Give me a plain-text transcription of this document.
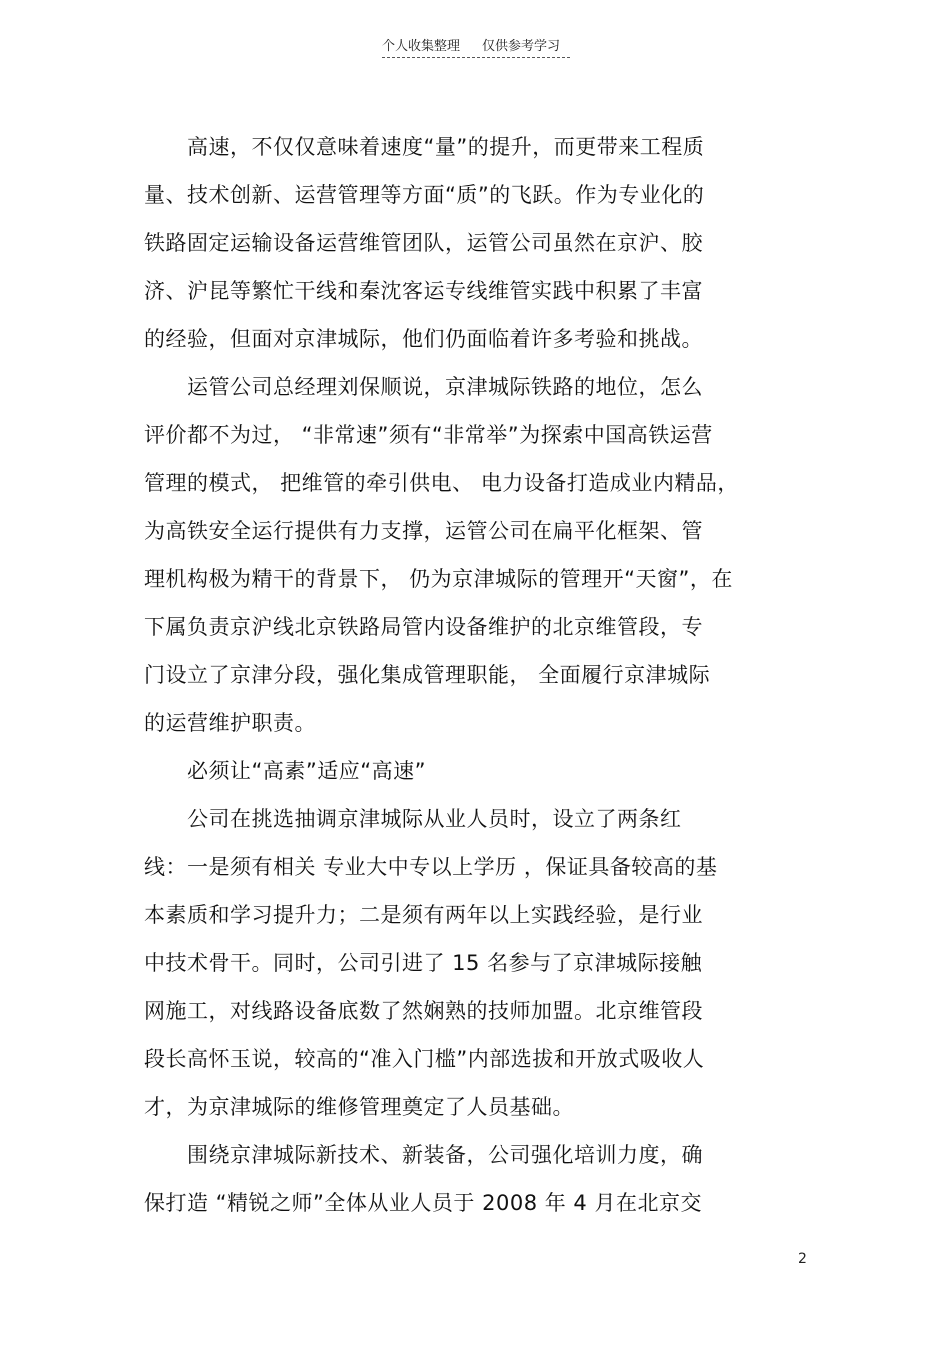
个人收集整理 仅供参考学习
　　高速，不仅仅意味着速度“量”的提升，而更带来工程质
量、技术创新、运营管理等方面“质”的飞跃。作为专业化的
铁路固定运输设备运营维管团队，运管公司虽然在京沪、胶
济、沪昆等繁忙干线和秦沈客运专线维管实践中积累了丰富
的经验，但面对京津城际，他们仍面临着许多考验和挑战。
　　运管公司总经理刘保顺说，京津城际铁路的地位，怎么
评价都不为过， “非常速”须有“非常举”为探索中国高铁运营
管理的模式， 把维管的牵引供电、 电力设备打造成业内精品，
为高铁安全运行提供有力支撑，运管公司在扁平化框架、管
理机构极为精干的背景下， 仍为京津城际的管理开“天窗”，在
下属负责京沪线北京铁路局管内设备维护的北京维管段，专
门设立了京津分段，强化集成管理职能， 全面履行京津城际
的运营维护职责。
　　必须让“高素”适应“高速”
　　公司在挑选抽调京津城际从业人员时，设立了两条红
线：一是须有相关 专业大中专以上学历 ，保证具备较高的基
本素质和学习提升力；二是须有两年以上实践经验，是行业
中技术骨干。同时，公司引进了 15 名参与了京津城际接触
网施工，对线路设备底数了然娴熟的技师加盟。北京维管段
段长高怀玉说，较高的“准入门槛”内部选拔和开放式吸收人
才，为京津城际的维修管理奠定了人员基础。
　　围绕京津城际新技术、新装备，公司强化培训力度，确
保打造 “精锐之师”全体从业人员于 2008 年 4 月在北京交
2
